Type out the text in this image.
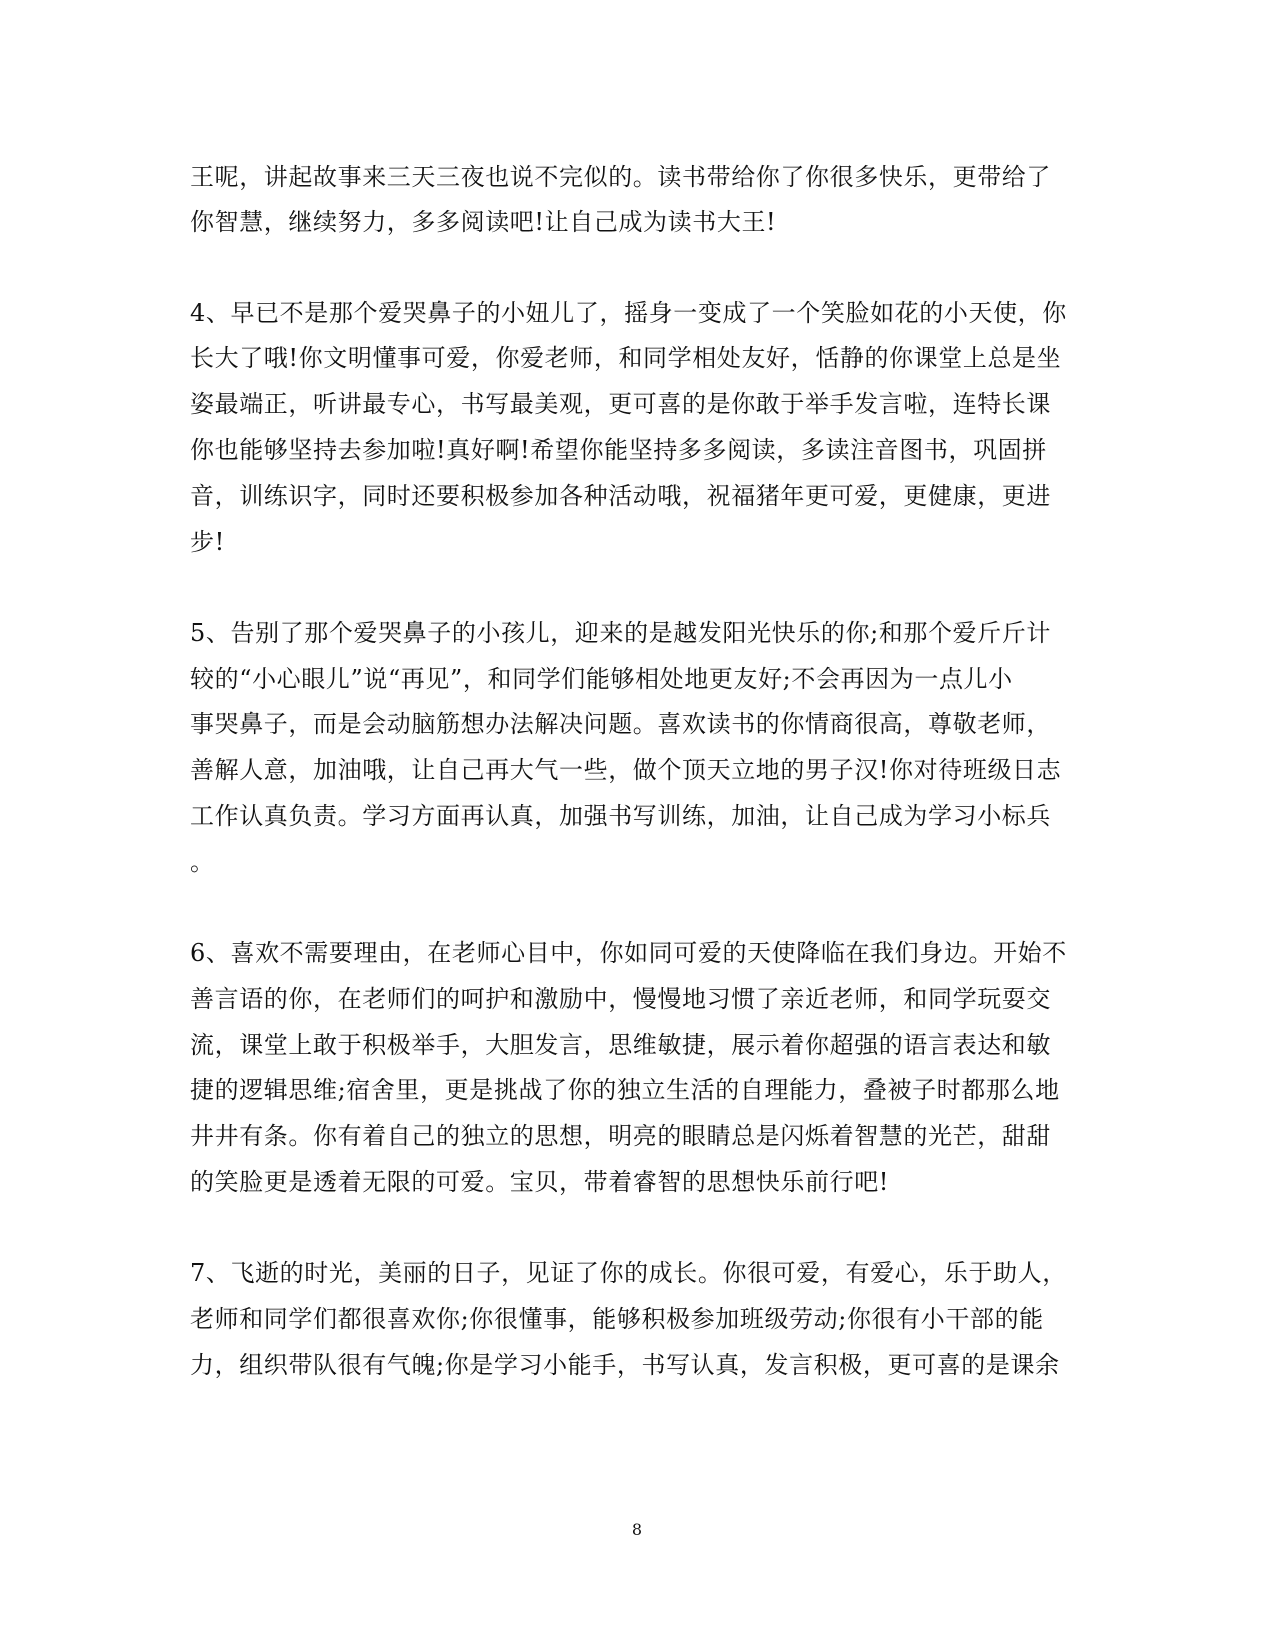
王呢，讲起故事来三天三夜也说不完似的。读书带给你了你很多快乐，更带给了
你智慧，继续努力，多多阅读吧!让自己成为读书大王!
4、早已不是那个爱哭鼻子的小妞儿了，摇身一变成了一个笑脸如花的小天使，你
长大了哦!你文明懂事可爱，你爱老师，和同学相处友好，恬静的你课堂上总是坐
姿最端正，听讲最专心，书写最美观，更可喜的是你敢于举手发言啦，连特长课
你也能够坚持去参加啦!真好啊!希望你能坚持多多阅读，多读注音图书，巩固拼
音，训练识字，同时还要积极参加各种活动哦，祝福猪年更可爱，更健康，更进
步!
5、告别了那个爱哭鼻子的小孩儿，迎来的是越发阳光快乐的你;和那个爱斤斤计
较的“小心眼儿”说“再见”，和同学们能够相处地更友好;不会再因为一点儿小
事哭鼻子，而是会动脑筋想办法解决问题。喜欢读书的你情商很高，尊敬老师，
善解人意，加油哦，让自己再大气一些，做个顶天立地的男子汉!你对待班级日志
工作认真负责。学习方面再认真，加强书写训练，加油，让自己成为学习小标兵
。
6、喜欢不需要理由，在老师心目中，你如同可爱的天使降临在我们身边。开始不
善言语的你，在老师们的呵护和激励中，慢慢地习惯了亲近老师，和同学玩耍交
流，课堂上敢于积极举手，大胆发言，思维敏捷，展示着你超强的语言表达和敏
捷的逻辑思维;宿舍里，更是挑战了你的独立生活的自理能力，叠被子时都那么地
井井有条。你有着自己的独立的思想，明亮的眼睛总是闪烁着智慧的光芒，甜甜
的笑脸更是透着无限的可爱。宝贝，带着睿智的思想快乐前行吧!
7、飞逝的时光，美丽的日子，见证了你的成长。你很可爱，有爱心，乐于助人，
老师和同学们都很喜欢你;你很懂事，能够积极参加班级劳动;你很有小干部的能
力，组织带队很有气魄;你是学习小能手，书写认真，发言积极，更可喜的是课余
8
